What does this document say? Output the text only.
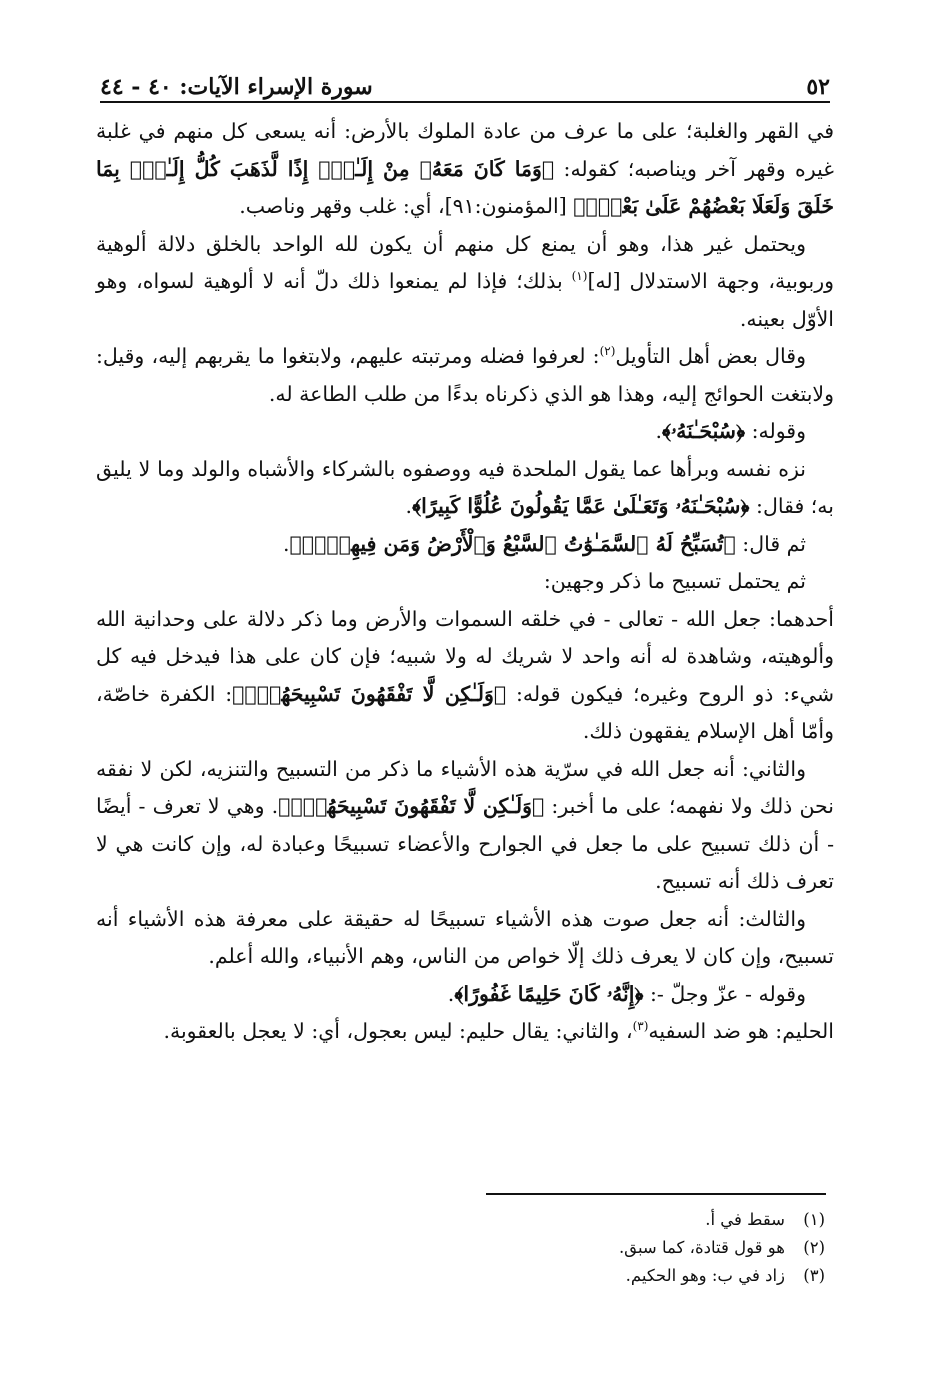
٥٢
سورة الإسراء الآيات: ٤٠ - ٤٤

في القهر والغلبة؛ على ما عرف من عادة الملوك بالأرض: أنه يسعى كل منهم في غلبة غيره وقهر آخر ويناصبه؛ كقوله: ﴿وَمَا كَانَ مَعَهُۥ مِنْ إِلَـٰهٍۚ إِذًا لَّذَهَبَ كُلُّ إِلَـٰهٍۭ بِمَا خَلَقَ وَلَعَلَا بَعْضُهُمْ عَلَىٰ بَعْضٍۚ﴾ [المؤمنون:٩١]، أي: غلب وقهر وناصب.

ويحتمل غير هذا، وهو أن يمنع كل منهم أن يكون لله الواحد بالخلق دلالة ألوهية وربوبية، وجهة الاستدلال [له]$^{(١)}$ بذلك؛ فإذا لم يمنعوا ذلك دلّ أنه لا ألوهية لسواه، وهو الأوّل بعينه.

وقال بعض أهل التأويل$^{(٢)}$: لعرفوا فضله ومرتبته عليهم، ولابتغوا ما يقربهم إليه، وقيل: ولابتغت الحوائج إليه، وهذا هو الذي ذكرناه بدءًا من طلب الطاعة له.

وقوله: ﴿سُبْحَـٰنَهُۥ﴾.

نزه نفسه وبرأها عما يقول الملحدة فيه ووصفوه بالشركاء والأشباه والولد وما لا يليق به؛ فقال: ﴿سُبْحَـٰنَهُۥ وَتَعَـٰلَىٰ عَمَّا يَقُولُونَ عُلُوًّا كَبِيرًا﴾.

ثم قال: ﴿تُسَبِّحُ لَهُ ٱلسَّمَـٰوَٰتُ ٱلسَّبْعُ وَٱلْأَرْضُ وَمَن فِيهِنَّۚ﴾.

ثم يحتمل تسبيح ما ذكر وجهين:

أحدهما: جعل الله - تعالى - في خلقه السموات والأرض وما ذكر دلالة على وحدانية الله وألوهيته، وشاهدة له أنه واحد لا شريك له ولا شبيه؛ فإن كان على هذا فيدخل فيه كل شيء: ذو الروح وغيره؛ فيكون قوله: ﴿وَلَـٰكِن لَّا تَفْقَهُونَ تَسْبِيحَهُمْۚ﴾: الكفرة خاصّة، وأمّا أهل الإسلام يفقهون ذلك.

والثاني: أنه جعل الله في سرّية هذه الأشياء ما ذكر من التسبيح والتنزيه، لكن لا نفقه نحن ذلك ولا نفهمه؛ على ما أخبر: ﴿وَلَـٰكِن لَّا تَفْقَهُونَ تَسْبِيحَهُمْۚ﴾. وهي لا تعرف - أيضًا - أن ذلك تسبيح على ما جعل في الجوارح والأعضاء تسبيحًا وعبادة له، وإن كانت هي لا تعرف ذلك أنه تسبيح.

والثالث: أنه جعل صوت هذه الأشياء تسبيحًا له حقيقة على معرفة هذه الأشياء أنه تسبيح، وإن كان لا يعرف ذلك إلّا خواص من الناس، وهم الأنبياء، والله أعلم.

وقوله - عزّ وجلّ -: ﴿إِنَّهُۥ كَانَ حَلِيمًا غَفُورًا﴾.

الحليم: هو ضد السفيه$^{(٣)}$، والثاني: يقال حليم: ليس بعجول، أي: لا يعجل بالعقوبة.

(١)
سقط في أ.
(٢)
هو قول قتادة، كما سبق.
(٣)
زاد في ب: وهو الحكيم.
